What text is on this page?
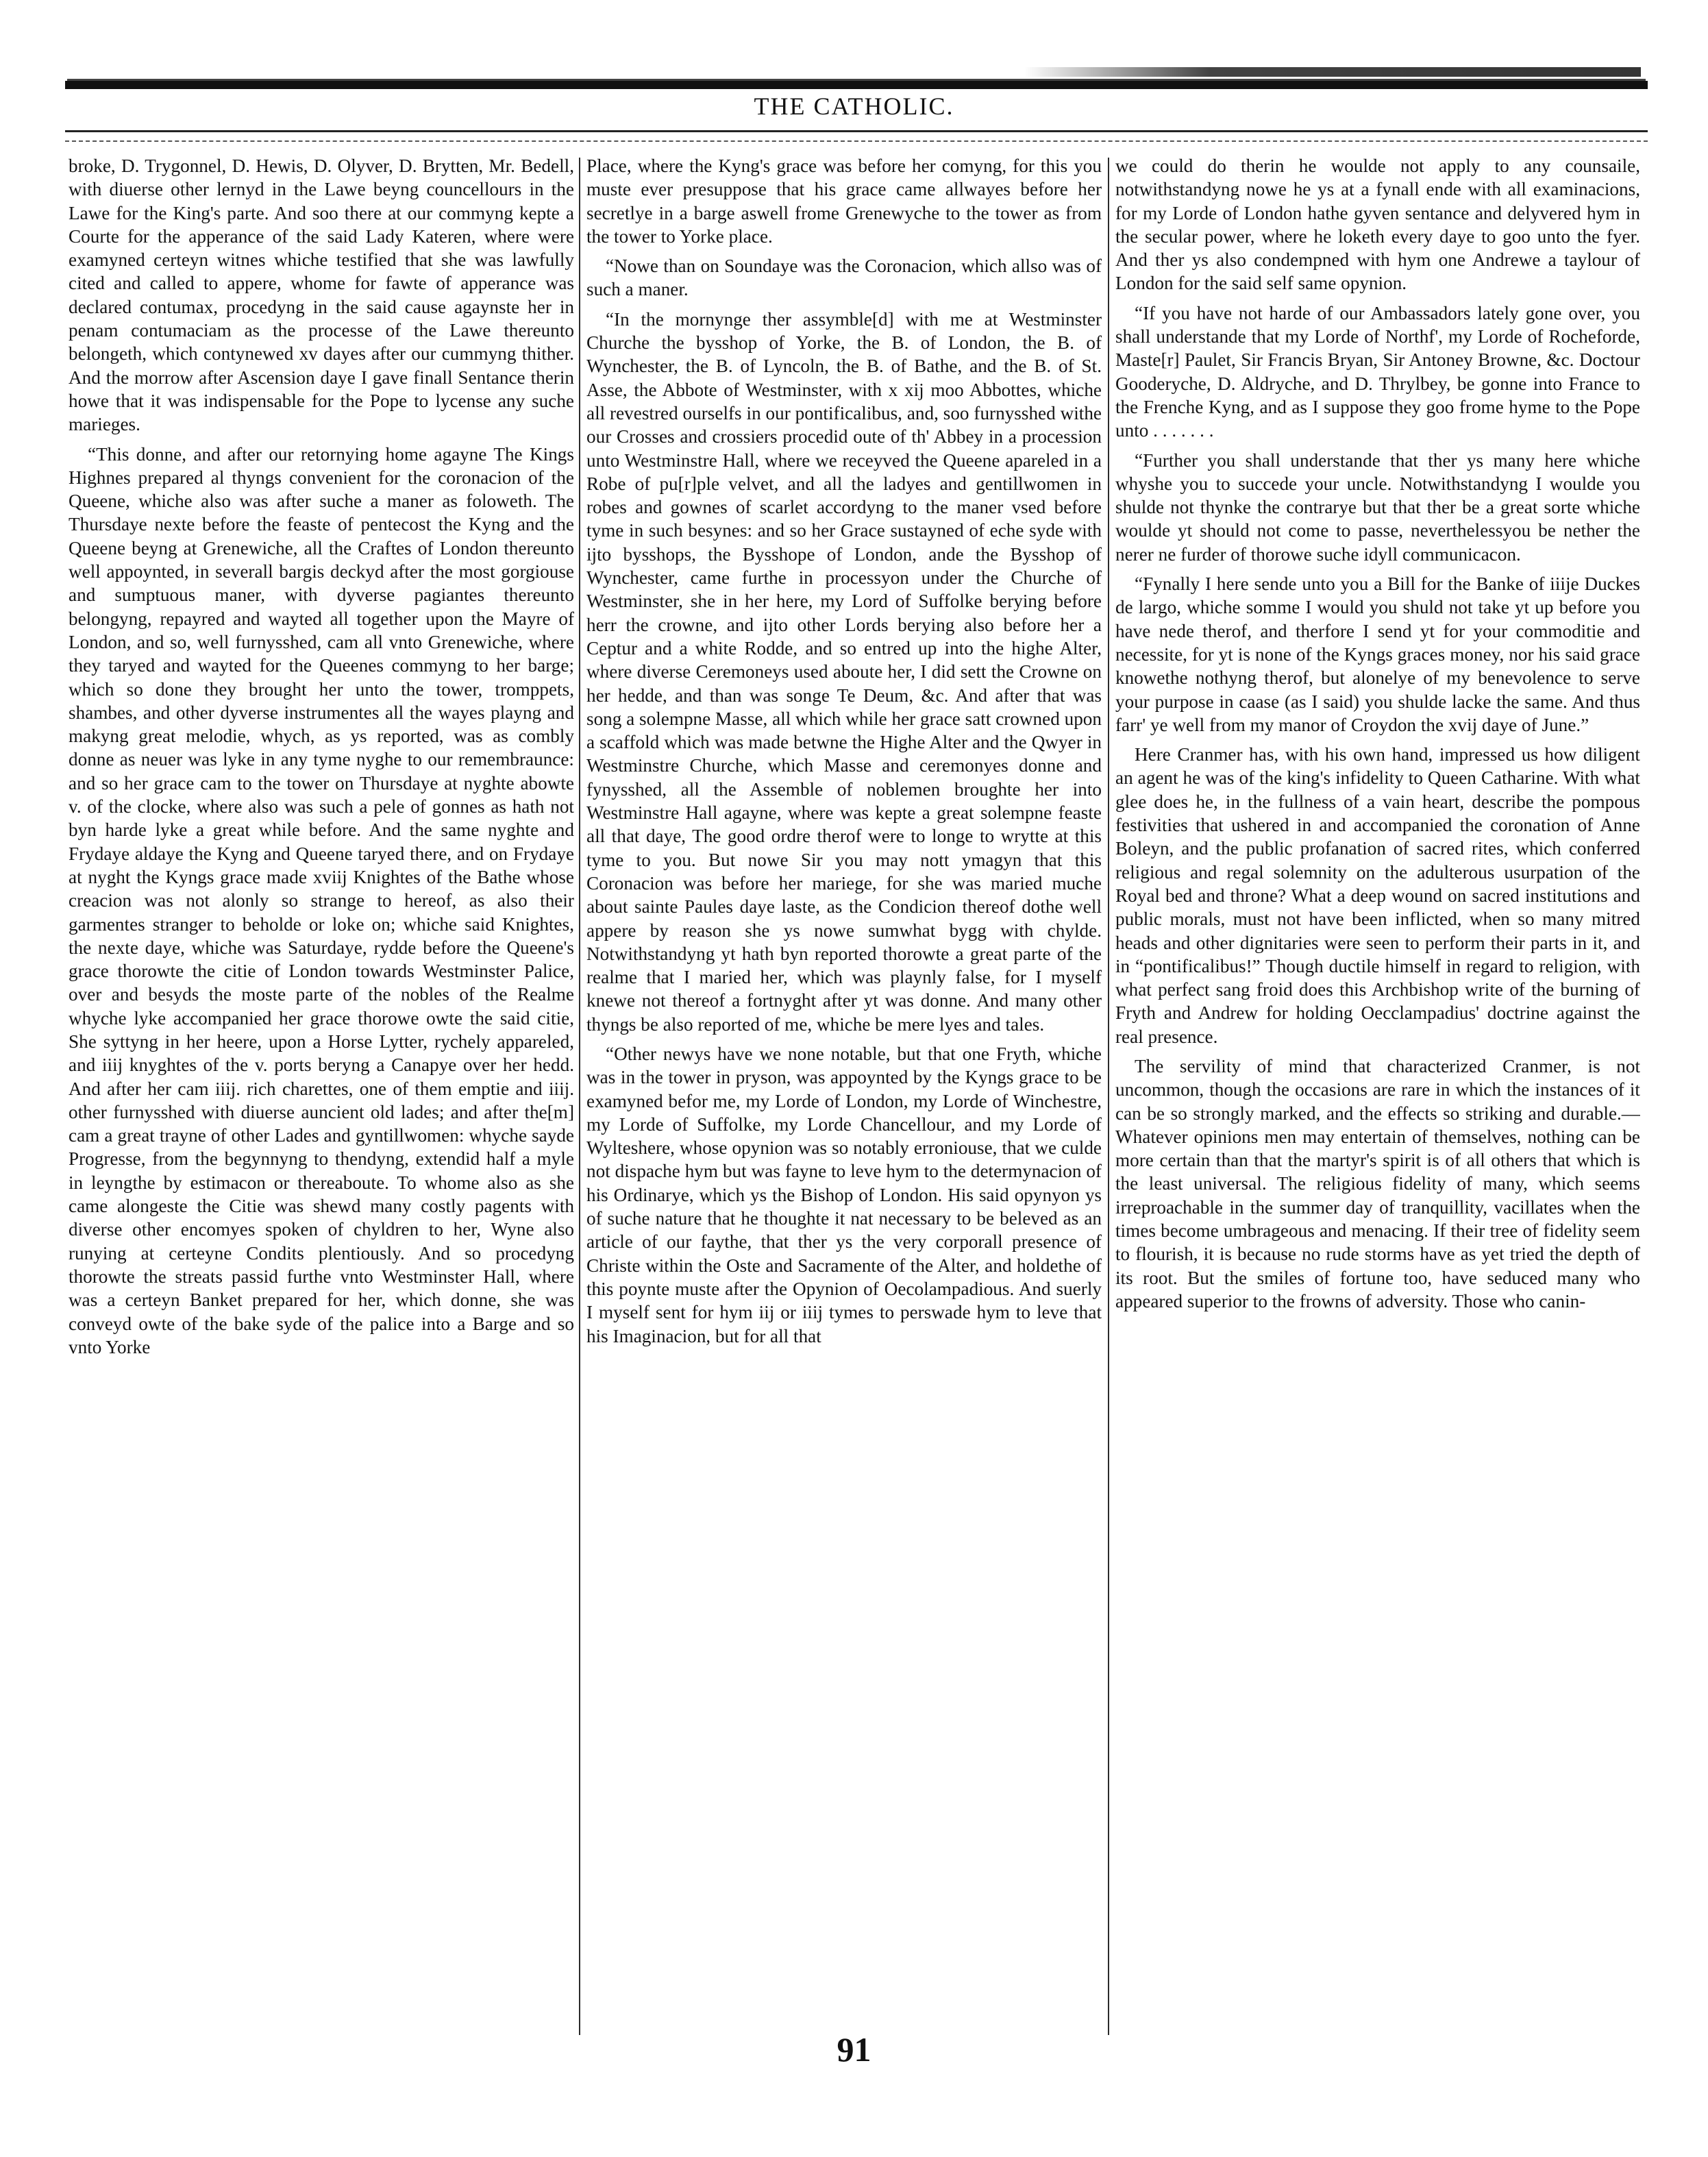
THE CATHOLIC.

broke, D. Trygonnel, D. Hewis, D. Olyver, D. Brytten, Mr. Bedell, with diuerse other lernyd in the Lawe beyng councellours in the Lawe for the King's parte. And soo there at our commyng kepte a Courte for the apperance of the said Lady Kateren, where were examyned certeyn witnes whiche testified that she was lawfully cited and called to appere, whome for fawte of apperance was declared contumax, procedyng in the said cause agaynste her in penam contumaciam as the processe of the Lawe thereunto belongeth, which contynewed xv dayes after our cummyng thither. And the morrow after Ascension daye I gave finall Sentance therin howe that it was indispensable for the Pope to lycense any suche marieges.

“This donne, and after our retornying home agayne The Kings Highnes prepared al thyngs convenient for the coronacion of the Queene, whiche also was after suche a maner as foloweth. The Thursdaye nexte before the feaste of pentecost the Kyng and the Queene beyng at Grenewiche, all the Craftes of London thereunto well appoynted, in severall bargis deckyd after the most gorgiouse and sumptuous maner, with dyverse pagiantes thereunto belongyng, repayred and wayted all together upon the Mayre of London, and so, well furnysshed, cam all vnto Grenewiche, where they taryed and wayted for the Queenes commyng to her barge; which so done they brought her unto the tower, tromppets, shambes, and other dyverse instrumentes all the wayes playng and makyng great melodie, whych, as ys reported, was as combly donne as neuer was lyke in any tyme nyghe to our remembraunce: and so her grace cam to the tower on Thursdaye at nyghte abowte v. of the clocke, where also was such a pele of gonnes as hath not byn harde lyke a great while before. And the same nyghte and Frydaye aldaye the Kyng and Queene taryed there, and on Frydaye at nyght the Kyngs grace made xviij Knightes of the Bathe whose creacion was not alonly so strange to hereof, as also their garmentes stranger to beholde or loke on; whiche said Knightes, the nexte daye, whiche was Saturdaye, rydde before the Queene's grace thorowte the citie of London towards Westminster Palice, over and besyds the moste parte of the nobles of the Realme whyche lyke accompanied her grace thorowe owte the said citie, She syttyng in her heere, upon a Horse Lytter, rychely appareled, and iiij knyghtes of the v. ports beryng a Canapye over her hedd. And after her cam iiij. rich charettes, one of them emptie and iiij. other furnysshed with diuerse auncient old lades; and after the[m] cam a great trayne of other Lades and gyntillwomen: whyche sayde Progresse, from the begynnyng to thendyng, extendid half a myle in leyngthe by estimacon or thereaboute. To whome also as she came alongeste the Citie was shewd many costly pagents with diverse other encomyes spoken of chyldren to her, Wyne also runying at certeyne Condits plentiously. And so procedyng thorowte the streats passid furthe vnto Westminster Hall, where was a certeyn Banket prepared for her, which donne, she was conveyd owte of the bake syde of the palice into a Barge and so vnto Yorke

Place, where the Kyng's grace was before her comyng, for this you muste ever presuppose that his grace came allwayes before her secretlye in a barge aswell frome Grenewyche to the tower as from the tower to Yorke place.

“Nowe than on Soundaye was the Coronacion, which allso was of such a maner.

“In the mornynge ther assymble[d] with me at Westminster Churche the bysshop of Yorke, the B. of London, the B. of Wynchester, the B. of Lyncoln, the B. of Bathe, and the B. of St. Asse, the Abbote of Westminster, with x xij moo Abbottes, whiche all revestred ourselfs in our pontificalibus, and, soo furnysshed withe our Crosses and crossiers procedid oute of th' Abbey in a procession unto Westminstre Hall, where we receyved the Queene apareled in a Robe of pu[r]ple velvet, and all the ladyes and gentillwomen in robes and gownes of scarlet accordyng to the maner vsed before tyme in such besynes: and so her Grace sustayned of eche syde with ijto bysshops, the Bysshope of London, ande the Bysshop of Wynchester, came furthe in processyon under the Churche of Westminster, she in her here, my Lord of Suffolke berying before herr the crowne, and ijto other Lords berying also before her a Ceptur and a white Rodde, and so entred up into the highe Alter, where diverse Ceremoneys used aboute her, I did sett the Crowne on her hedde, and than was songe Te Deum, &c. And after that was song a solempne Masse, all which while her grace satt crowned upon a scaffold which was made betwne the Highe Alter and the Qwyer in Westminstre Churche, which Masse and ceremonyes donne and fynysshed, all the Assemble of noblemen broughte her into Westminstre Hall agayne, where was kepte a great solempne feaste all that daye, The good ordre therof were to longe to wrytte at this tyme to you. But nowe Sir you may nott ymagyn that this Coronacion was before her mariege, for she was maried muche about sainte Paules daye laste, as the Condicion thereof dothe well appere by reason she ys nowe sumwhat bygg with chylde. Notwithstandyng yt hath byn reported thorowte a great parte of the realme that I maried her, which was playnly false, for I myself knewe not thereof a fortnyght after yt was donne. And many other thyngs be also reported of me, whiche be mere lyes and tales.

“Other newys have we none notable, but that one Fryth, whiche was in the tower in pryson, was appoynted by the Kyngs grace to be examyned befor me, my Lorde of London, my Lorde of Winchestre, my Lorde of Suffolke, my Lorde Chancellour, and my Lorde of Wylteshere, whose opynion was so notably erroniouse, that we culde not dispache hym but was fayne to leve hym to the determynacion of his Ordinarye, which ys the Bishop of London. His said opynyon ys of suche nature that he thoughte it nat necessary to be beleved as an article of our faythe, that ther ys the very corporall presence of Christe within the Oste and Sacramente of the Alter, and holdethe of this poynte muste after the Opynion of Oecolampadious. And suerly I myself sent for hym iij or iiij tymes to perswade hym to leve that his Imaginacion, but for all that

we could do therin he woulde not apply to any counsaile, notwithstandyng nowe he ys at a fynall ende with all examinacions, for my Lorde of London hathe gyven sentance and delyvered hym in the secular power, where he loketh every daye to goo unto the fyer. And ther ys also condempned with hym one Andrewe a taylour of London for the said self same opynion.

“If you have not harde of our Ambassadors lately gone over, you shall understande that my Lorde of Northf', my Lorde of Rocheforde, Maste[r] Paulet, Sir Francis Bryan, Sir Antoney Browne, &c. Doctour Gooderyche, D. Aldryche, and D. Thrylbey, be gonne into France to the Frenche Kyng, and as I suppose they goo frome hyme to the Pope unto . . . . . . .

“Further you shall understande that ther ys many here whiche whyshe you to succede your uncle. Notwithstandyng I woulde you shulde not thynke the contrarye but that ther be a great sorte whiche woulde yt should not come to passe, neverthelessyou be nether the nerer ne furder of thorowe suche idyll communicacon.

“Fynally I here sende unto you a Bill for the Banke of iiije Duckes de largo, whiche somme I would you shuld not take yt up before you have nede therof, and therfore I send yt for your commoditie and necessite, for yt is none of the Kyngs graces money, nor his said grace knowethe nothyng therof, but alonelye of my benevolence to serve your purpose in caase (as I said) you shulde lacke the same. And thus farr' ye well from my manor of Croydon the xvij daye of June.”

Here Cranmer has, with his own hand, impressed us how diligent an agent he was of the king's infidelity to Queen Catharine. With what glee does he, in the fullness of a vain heart, describe the pompous festivities that ushered in and accompanied the coronation of Anne Boleyn, and the public profanation of sacred rites, which conferred religious and regal solemnity on the adulterous usurpation of the Royal bed and throne? What a deep wound on sacred institutions and public morals, must not have been inflicted, when so many mitred heads and other dignitaries were seen to perform their parts in it, and in “pontificalibus!” Though ductile himself in regard to religion, with what perfect sang froid does this Archbishop write of the burning of Fryth and Andrew for holding Oecclampadius' doctrine against the real presence.

The servility of mind that characterized Cranmer, is not uncommon, though the occasions are rare in which the instances of it can be so strongly marked, and the effects so striking and durable.— Whatever opinions men may entertain of themselves, nothing can be more certain than that the martyr's spirit is of all others that which is the least universal. The religious fidelity of many, which seems irreproachable in the summer day of tranquillity, vacillates when the times become umbrageous and menacing. If their tree of fidelity seem to flourish, it is because no rude storms have as yet tried the depth of its root. But the smiles of fortune too, have seduced many who appeared superior to the frowns of adversity. Those who canin-

91
